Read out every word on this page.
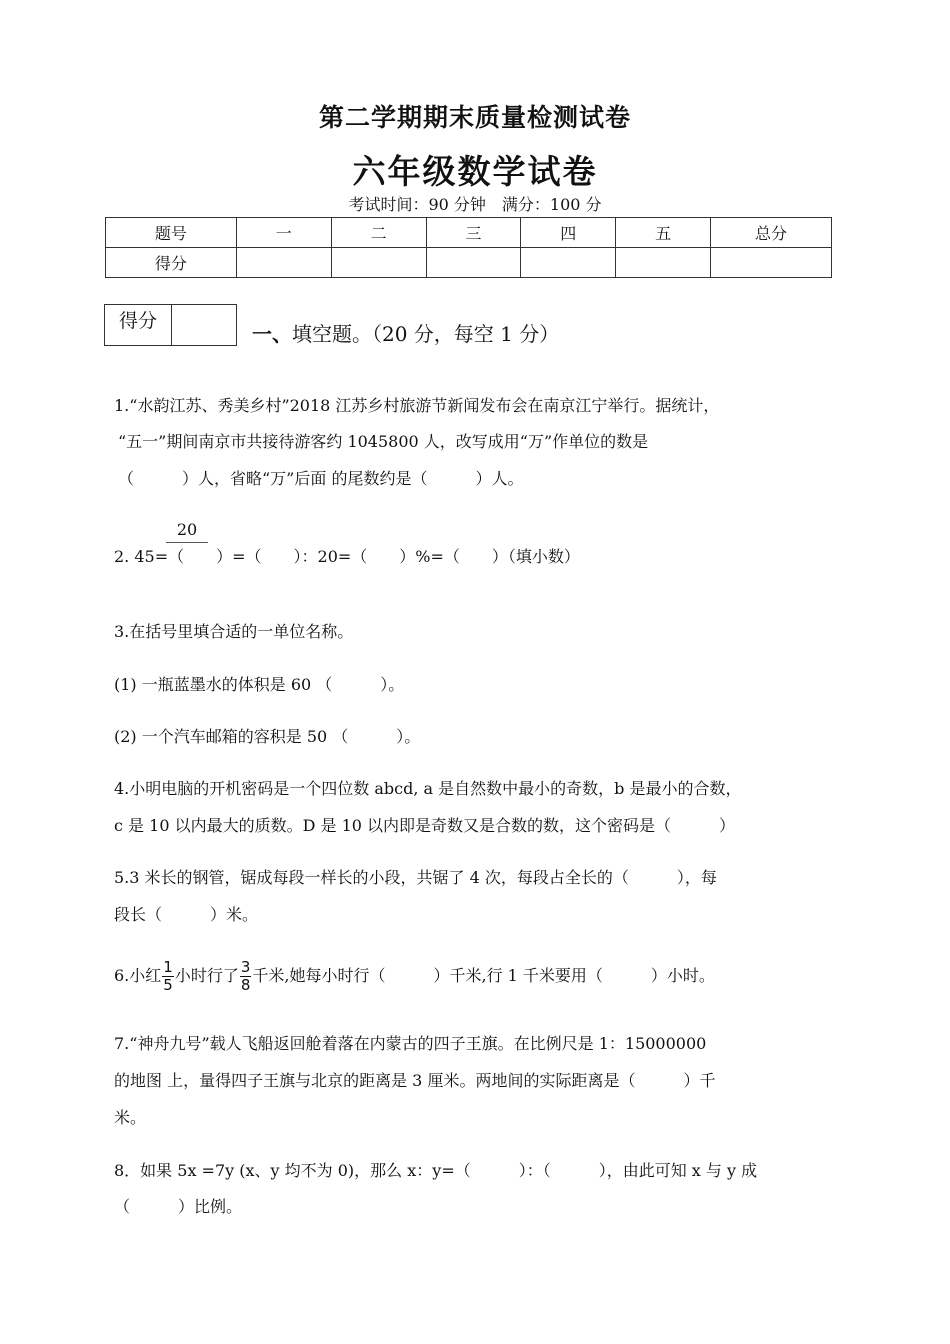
第二学期期末质量检测试卷
六年级数学试卷
考试时间：90 分钟　满分：100 分
题号	一	二	三	四	五	总分
得分						
得分
一、填空题。（20 分，每空 1 分）
1.“水韵江苏、秀美乡村”2018 江苏乡村旅游节新闻发布会在南京江宁举行。据统计，
“五一”期间南京市共接待游客约 1045800 人，改写成用“万”作单位的数是
（　　　）人，省略“万”后面 的尾数约是（　　　）人。
20
2. 45=（　　）=（　　）：20=（　　）%=（　　）（填小数）
3.在括号里填合适的一单位名称。
(1) 一瓶蓝墨水的体积是 60 （　　　）。
(2) 一个汽车邮箱的容积是 50 （　　　）。
4.小明电脑的开机密码是一个四位数 abcd, a 是自然数中最小的奇数，b 是最小的合数，
c 是 10 以内最大的质数。D 是 10 以内即是奇数又是合数的数，这个密码是（　　　）
5.3 米长的钢管，锯成每段一样长的小段，共锯了 4 次，每段占全长的（　　　），每
段长（　　　）米。
6.小红 $\frac{1}{5}$ 小时行了 $\frac{3}{8}$ 千米,她每小时行（　　　）千米,行 1 千米要用（　　　）小时。
7.“神舟九号”载人飞船返回舱着落在内蒙古的四子王旗。在比例尺是 1：15000000
的地图 上，量得四子王旗与北京的距离是 3 厘米。两地间的实际距离是（　　　）千
米。
8．如果 5x =7y (x、y 均不为 0)，那么 x：y=（　　　）：（　　　），由此可知 x 与 y 成
（　　　）比例。
